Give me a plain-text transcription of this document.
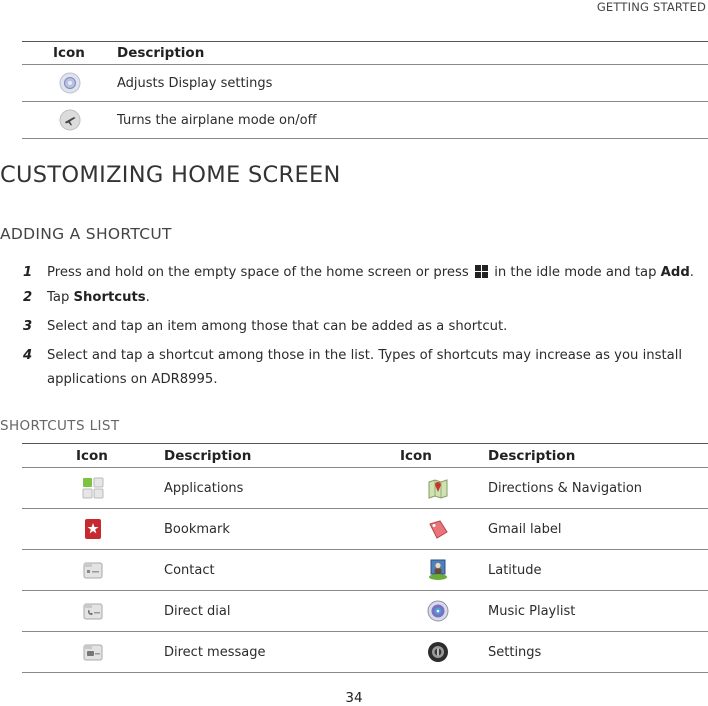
GETTING STARTED
Icon Description
Adjusts Display settings
Turns the airplane mode on/off
CUSTOMIZING HOME SCREEN
ADDING A SHORTCUT
1 Press and hold on the empty space of the home screen or press in the idle mode and tap Add.
2 Tap Shortcuts.
3 Select and tap an item among those that can be added as a shortcut.
4 Select and tap a shortcut among those in the list. Types of shortcuts may increase as you install
applications on ADR8995.
SHORTCUTS LIST
Icon	Description	Icon	Description
Applications	Directions & Navigation
Bookmark	Gmail label
Contact	Latitude
Direct dial	Music Playlist
Direct message	Settings
34
